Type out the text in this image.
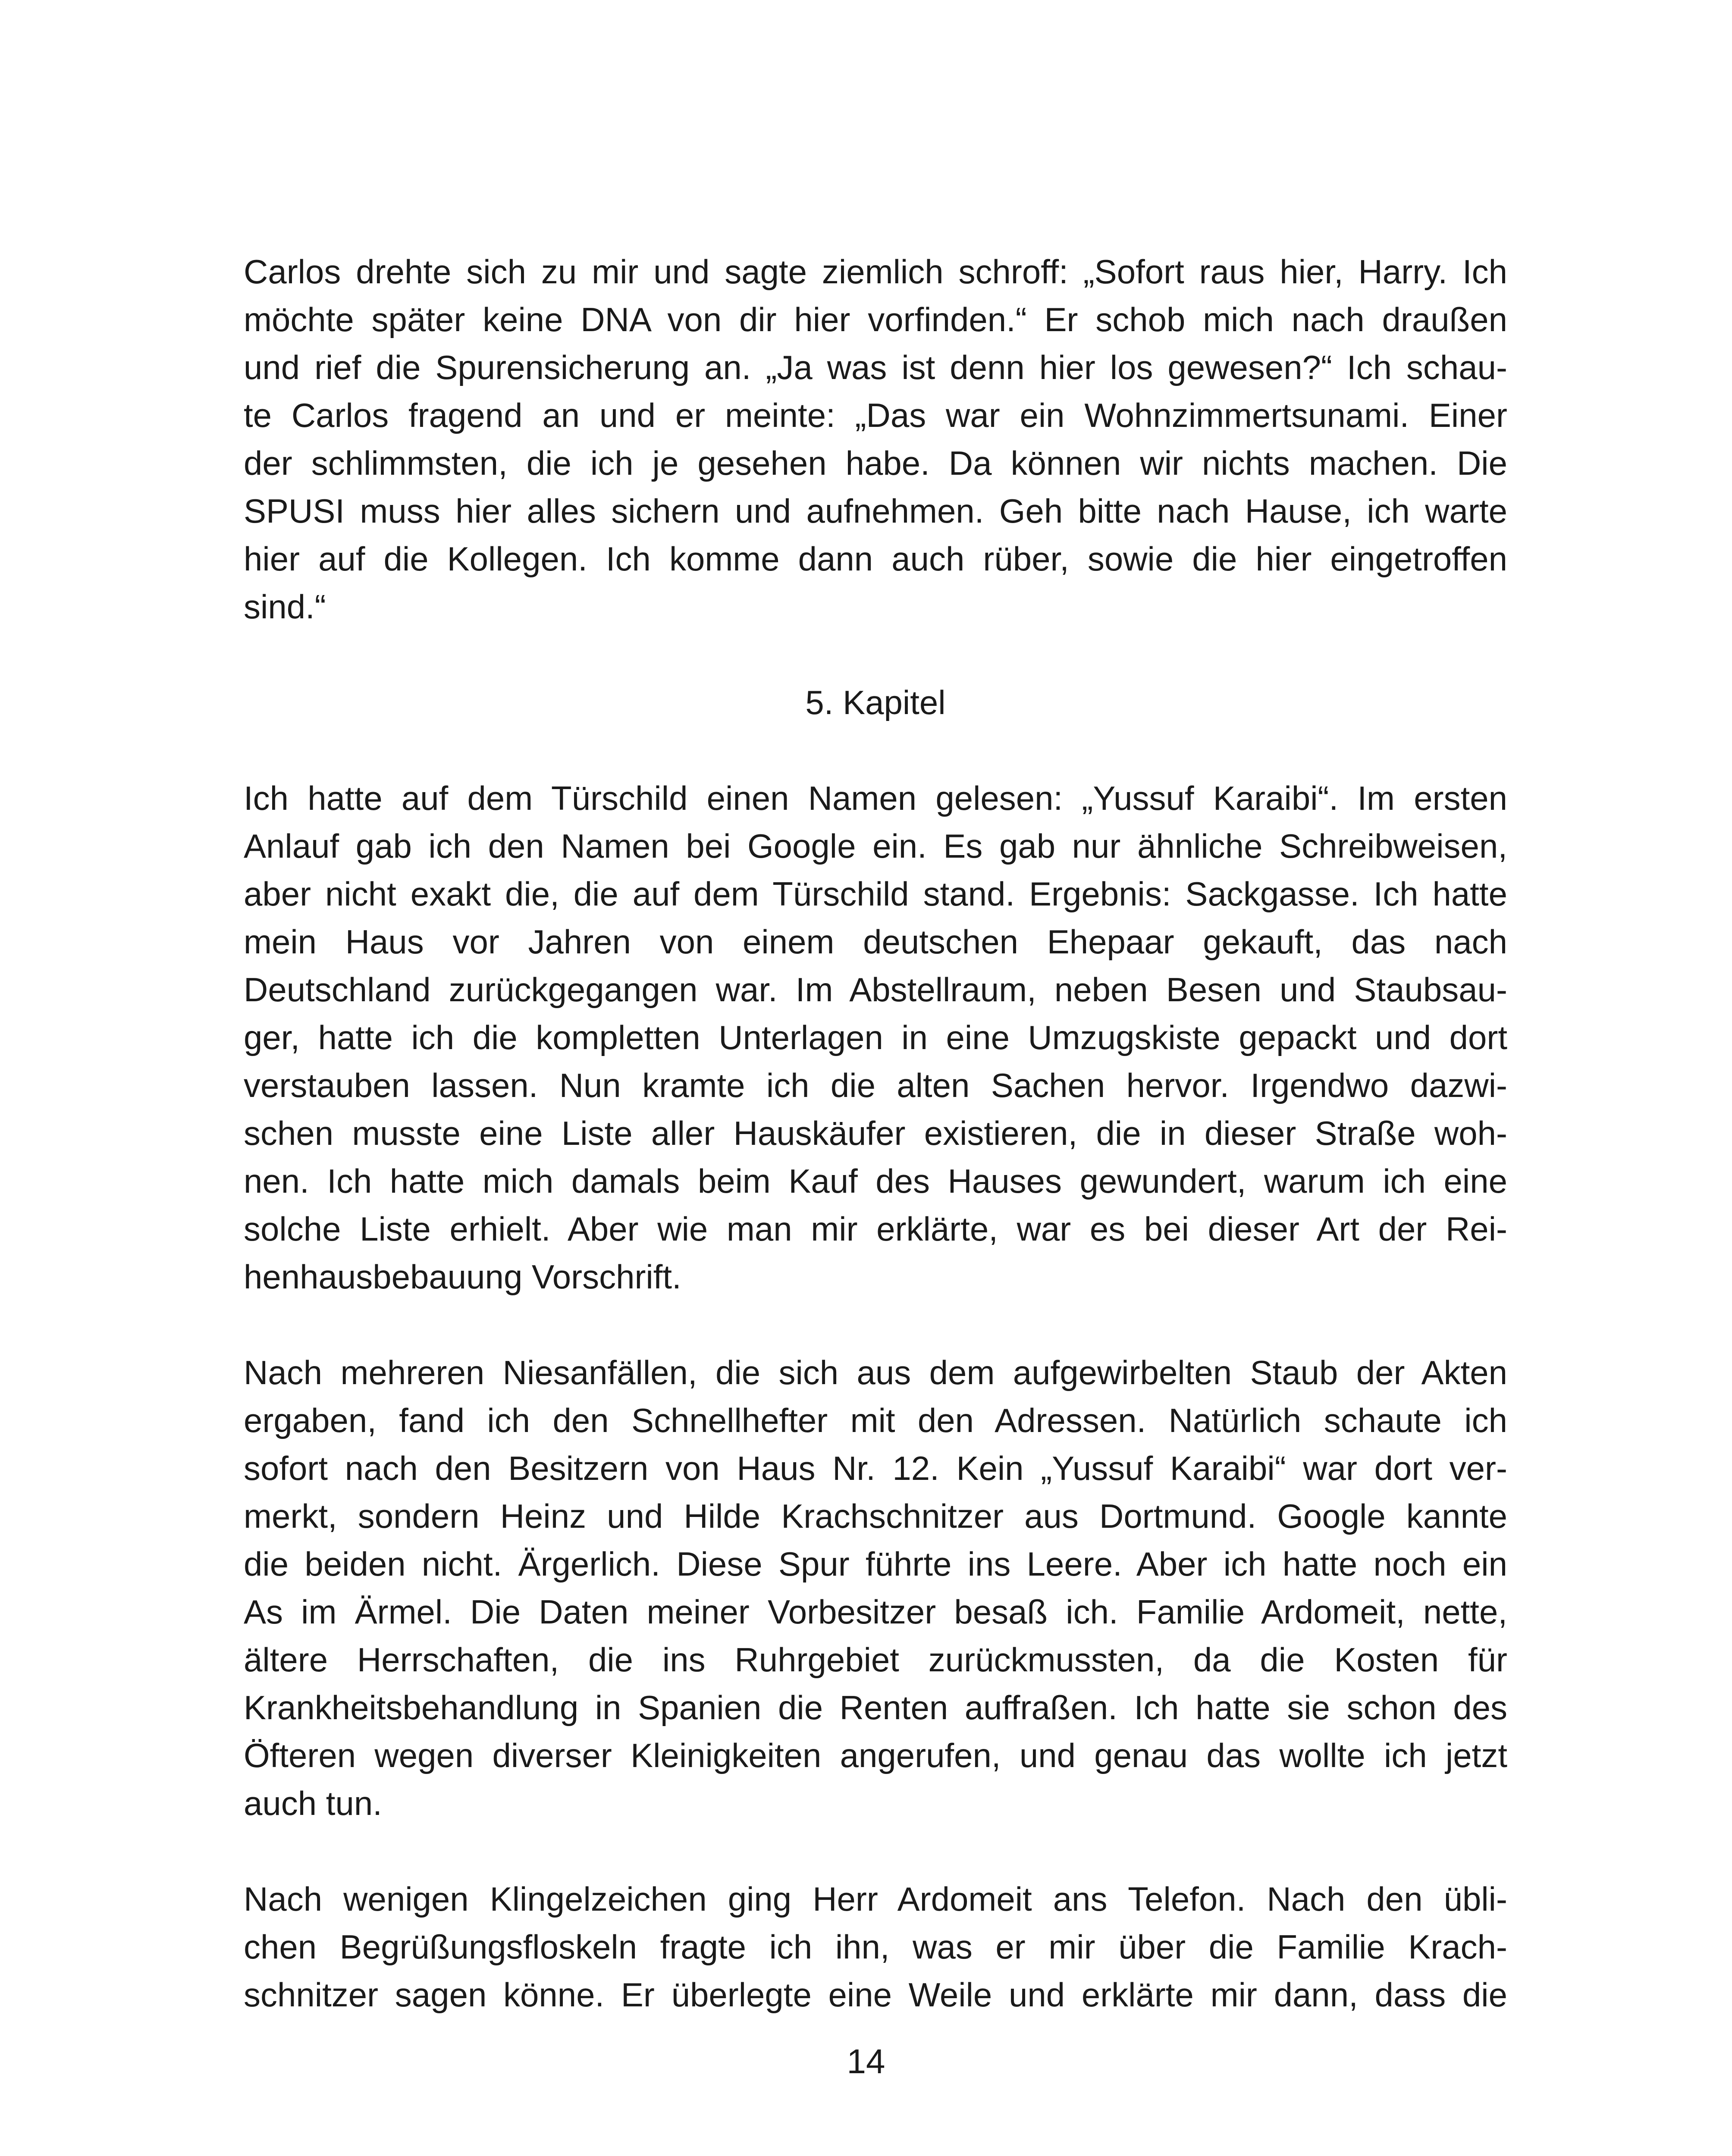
Carlos drehte sich zu mir und sagte ziemlich schroff: „Sofort raus hier, Harry. Ich
möchte später keine DNA von dir hier vorfinden.“ Er schob mich nach draußen
und rief die Spurensicherung an. „Ja was ist denn hier los gewesen?“ Ich schau-
te Carlos fragend an und er meinte: „Das war ein Wohnzimmertsunami. Einer
der schlimmsten, die ich je gesehen habe. Da können wir nichts machen. Die
SPUSI muss hier alles sichern und aufnehmen. Geh bitte nach Hause, ich warte
hier auf die Kollegen. Ich komme dann auch rüber, sowie die hier eingetroffen
sind.“
5. Kapitel
Ich hatte auf dem Türschild einen Namen gelesen: „Yussuf Karaibi“. Im ersten
Anlauf gab ich den Namen bei Google ein. Es gab nur ähnliche Schreibweisen,
aber nicht exakt die, die auf dem Türschild stand. Ergebnis: Sackgasse. Ich hatte
mein Haus vor Jahren von einem deutschen Ehepaar gekauft, das nach
Deutschland zurückgegangen war. Im Abstellraum, neben Besen und Staubsau-
ger, hatte ich die kompletten Unterlagen in eine Umzugskiste gepackt und dort
verstauben lassen. Nun kramte ich die alten Sachen hervor. Irgendwo dazwi-
schen musste eine Liste aller Hauskäufer existieren, die in dieser Straße woh-
nen. Ich hatte mich damals beim Kauf des Hauses gewundert, warum ich eine
solche Liste erhielt. Aber wie man mir erklärte, war es bei dieser Art der Rei-
henhausbebauung Vorschrift.
Nach mehreren Niesanfällen, die sich aus dem aufgewirbelten Staub der Akten
ergaben, fand ich den Schnellhefter mit den Adressen. Natürlich schaute ich
sofort nach den Besitzern von Haus Nr. 12. Kein „Yussuf Karaibi“ war dort ver-
merkt, sondern Heinz und Hilde Krachschnitzer aus Dortmund. Google kannte
die beiden nicht. Ärgerlich. Diese Spur führte ins Leere. Aber ich hatte noch ein
As im Ärmel. Die Daten meiner Vorbesitzer besaß ich. Familie Ardomeit, nette,
ältere Herrschaften, die ins Ruhrgebiet zurückmussten, da die Kosten für
Krankheitsbehandlung in Spanien die Renten auffraßen. Ich hatte sie schon des
Öfteren wegen diverser Kleinigkeiten angerufen, und genau das wollte ich jetzt
auch tun.
Nach wenigen Klingelzeichen ging Herr Ardomeit ans Telefon. Nach den übli-
chen Begrüßungsfloskeln fragte ich ihn, was er mir über die Familie Krach-
schnitzer sagen könne. Er überlegte eine Weile und erklärte mir dann, dass die
14
